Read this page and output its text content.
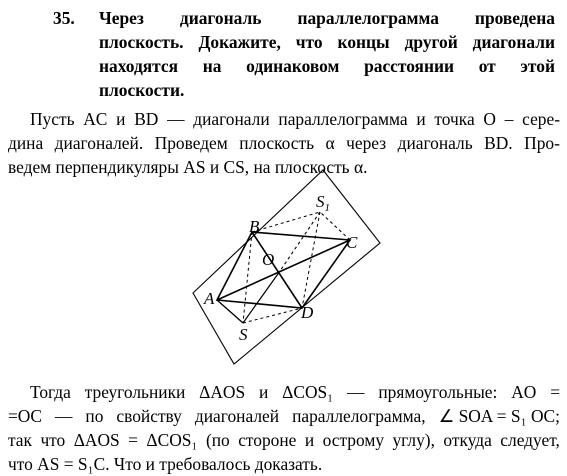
35. Через диагональ параллелограмма проведена
плоскость. Докажите, что концы другой диагонали
находятся на одинаковом расстоянии от этой
плоскости.
Пусть AC и BD — диагонали параллелограмма и точка O – сере-
дина диагоналей. Проведем плоскость α через диагональ BD. Про-
ведем перпендикуляры AS и CS, на плоскость α.
B
$S_1$
C
O
A
D
S
Тогда треугольники ΔAOS и ΔCOS₁ — прямоугольные: AO =
=OC — по свойству диагоналей параллелограмма, ∠ SOA = S₁ OC;
так что ΔAOS = ΔCOS₁ (по стороне и острому углу), откуда следует,
что AS = S₁C. Что и требовалось доказать.
